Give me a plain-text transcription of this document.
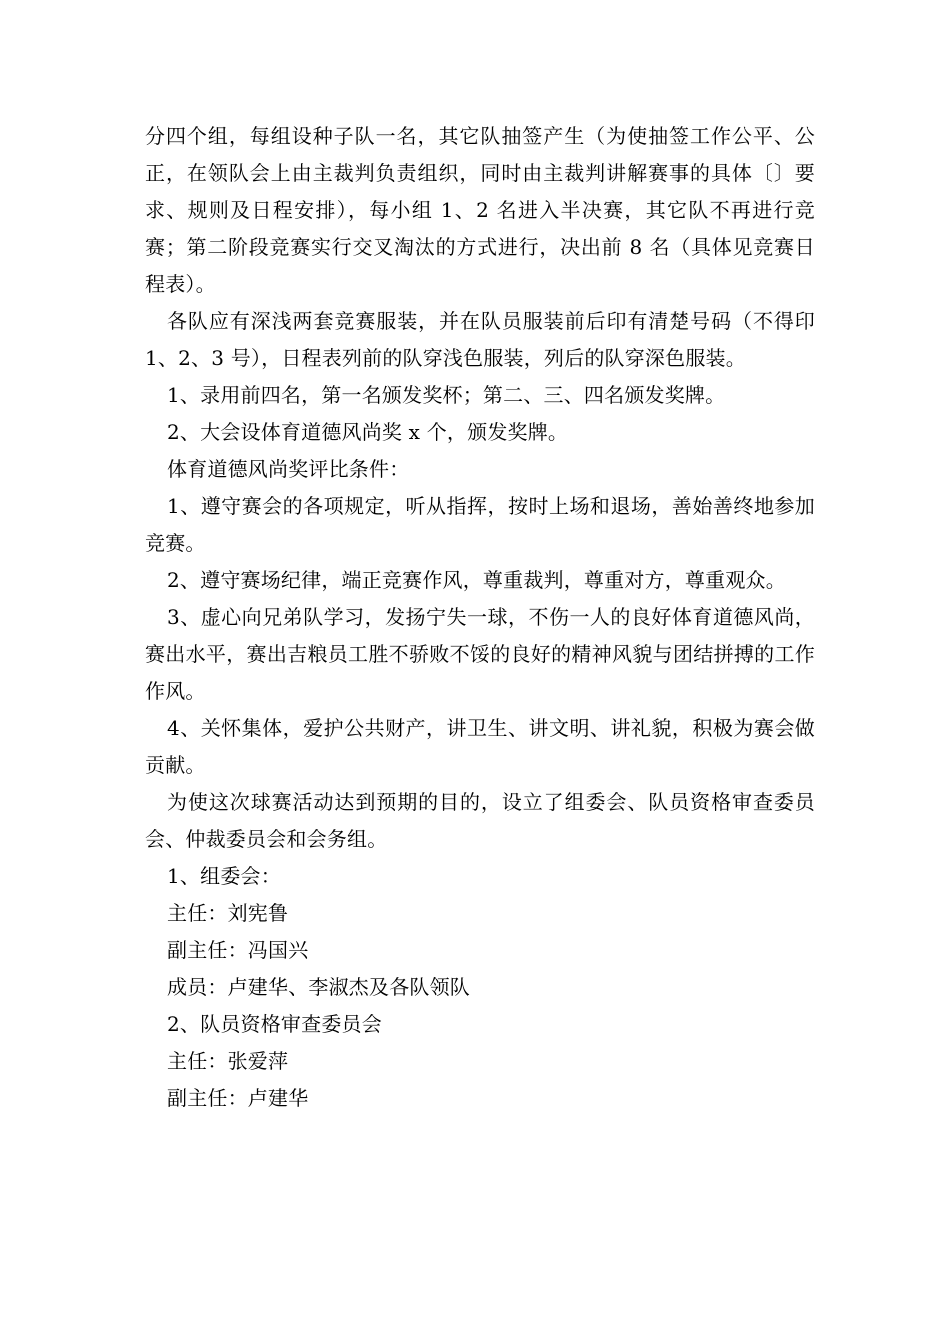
分四个组，每组设种子队一名，其它队抽签产生（为使抽签工作公平、公正，在领队会上由主裁判负责组织，同时由主裁判讲解赛事的具体〔〕要求、规则及日程安排），每小组 1、2 名进入半决赛，其它队不再进行竞赛；第二阶段竞赛实行交叉淘汰的方式进行，决出前 8 名（具体见竞赛日程表）。

各队应有深浅两套竞赛服装，并在队员服装前后印有清楚号码（不得印 1、2、3 号），日程表列前的队穿浅色服装，列后的队穿深色服装。

1、录用前四名，第一名颁发奖杯；第二、三、四名颁发奖牌。

2、大会设体育道德风尚奖 x 个，颁发奖牌。

体育道德风尚奖评比条件：

1、遵守赛会的各项规定，听从指挥，按时上场和退场，善始善终地参加竞赛。

2、遵守赛场纪律，端正竞赛作风，尊重裁判，尊重对方，尊重观众。

3、虚心向兄弟队学习，发扬宁失一球，不伤一人的良好体育道德风尚，赛出水平，赛出吉粮员工胜不骄败不馁的良好的精神风貌与团结拼搏的工作作风。

4、关怀集体，爱护公共财产，讲卫生、讲文明、讲礼貌，积极为赛会做贡献。

为使这次球赛活动达到预期的目的，设立了组委会、队员资格审查委员会、仲裁委员会和会务组。

1、组委会：

主任：刘宪鲁

副主任：冯国兴

成员：卢建华、李淑杰及各队领队

2、队员资格审查委员会

主任：张爱萍

副主任：卢建华
